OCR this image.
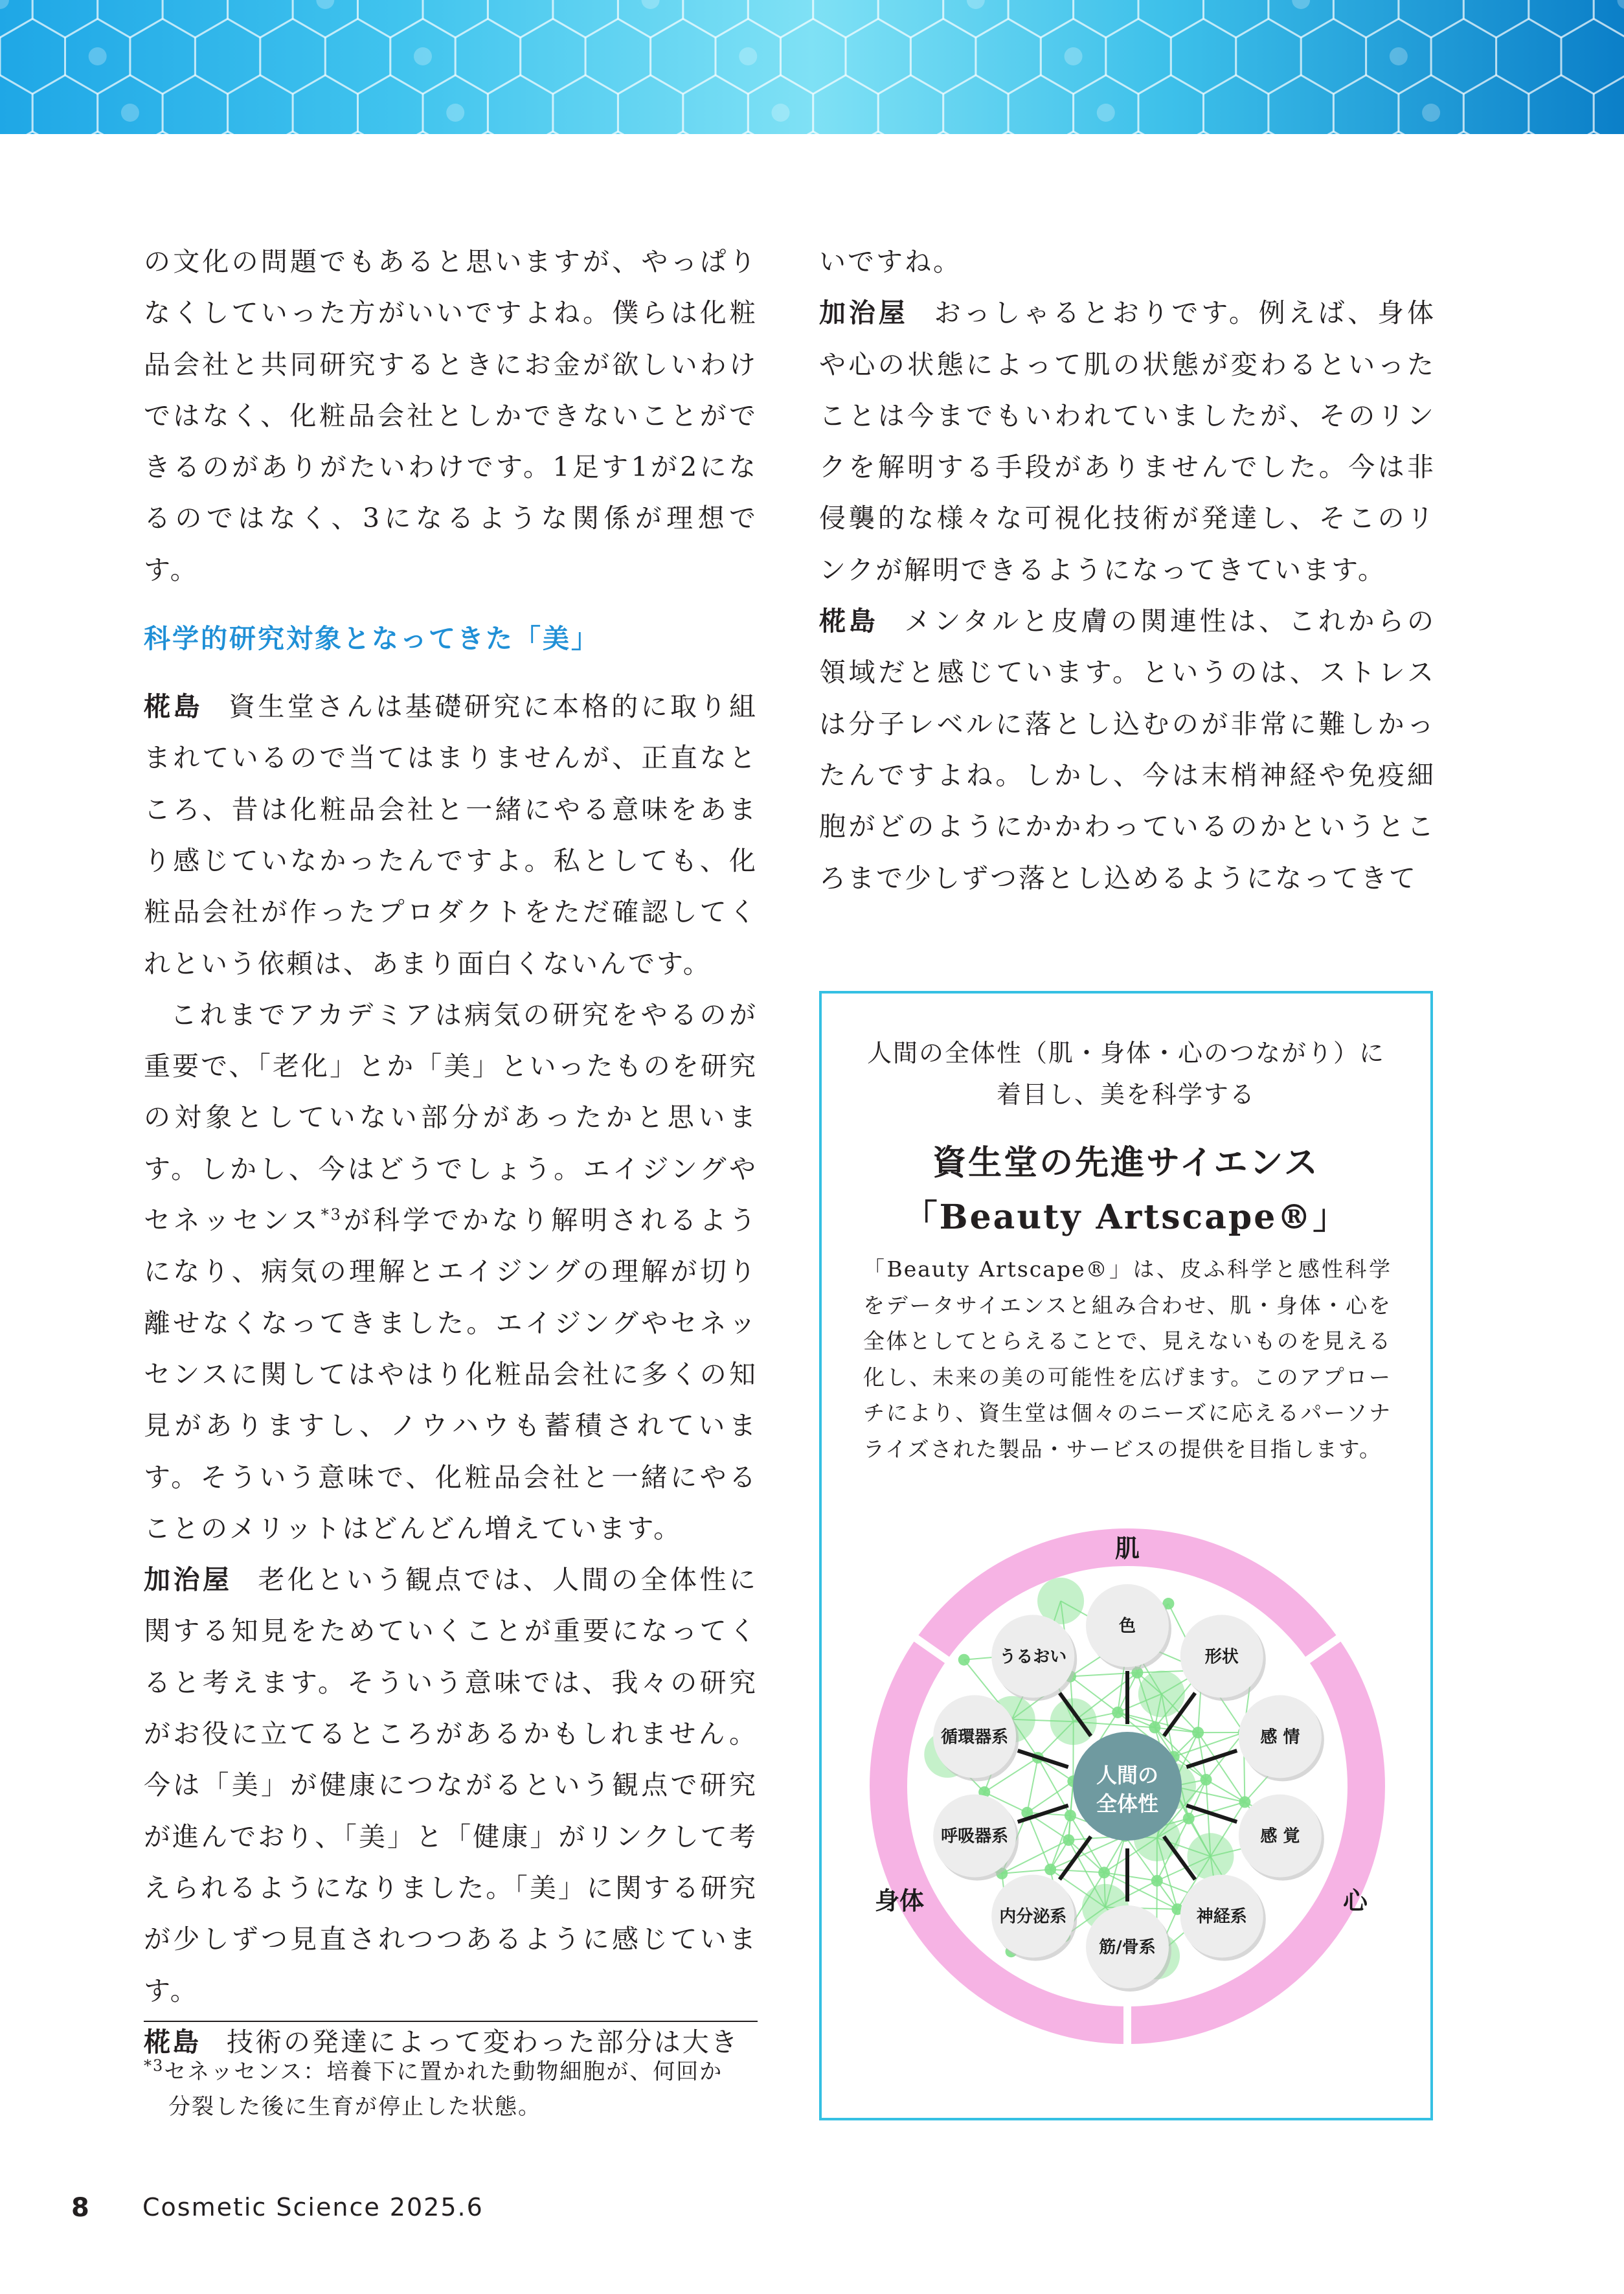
の文化の問題でもあると思いますが、やっぱりなくしていった方がいいですよね。僕らは化粧品会社と共同研究するときにお金が欲しいわけではなく、化粧品会社としかできないことができるのがありがたいわけです。1足す1が2になるのではなく、3になるような関係が理想です。

科学的研究対象となってきた「美」

椛島 資生堂さんは基礎研究に本格的に取り組まれているので当てはまりませんが、正直なところ、昔は化粧品会社と一緒にやる意味をあまり感じていなかったんですよ。私としても、化粧品会社が作ったプロダクトをただ確認してくれという依頼は、あまり面白くないんです。

これまでアカデミアは病気の研究をやるのが重要で、「老化」とか「美」といったものを研究の対象としていない部分があったかと思います。しかし、今はどうでしょう。エイジングやセネッセンス$^{*3}$が科学でかなり解明されるようになり、病気の理解とエイジングの理解が切り離せなくなってきました。エイジングやセネッセンスに関してはやはり化粧品会社に多くの知見がありますし、ノウハウも蓄積されています。そういう意味で、化粧品会社と一緒にやることのメリットはどんどん増えています。

加治屋 老化という観点では、人間の全体性に関する知見をためていくことが重要になってくると考えます。そういう意味では、我々の研究がお役に立てるところがあるかもしれません。今は「美」が健康につながるという観点で研究が進んでおり、「美」と「健康」がリンクして考えられるようになりました。「美」に関する研究が少しずつ見直されつつあるように感じています。

椛島 技術の発達によって変わった部分は大き

いですね。

加治屋 おっしゃるとおりです。例えば、身体や心の状態によって肌の状態が変わるといったことは今までもいわれていましたが、そのリンクを解明する手段がありませんでした。今は非侵襲的な様々な可視化技術が発達し、そこのリンクが解明できるようになってきています。

椛島 メンタルと皮膚の関連性は、これからの領域だと感じています。というのは、ストレスは分子レベルに落とし込むのが非常に難しかったんですよね。しかし、今は末梢神経や免疫細胞がどのようにかかわっているのかというところまで少しずつ落とし込めるようになってきて

$^{*3}$セネッセンス：培養下に置かれた動物細胞が、何回か
分裂した後に生育が停止した状態。
8 Cosmetic Science 2025.6
人間の全体性（肌・身体・心のつながり）に
着目し、美を科学する
資生堂の先進サイエンス
「Beauty Artscape®」
「Beauty Artscape®」は、皮ふ科学と感性科学をデータサイエンスと組み合わせ、肌・身体・心を全体としてとらえることで、見えないものを見える化し、未来の美の可能性を広げます。このアプローチにより、資生堂は個々のニーズに応えるパーソナライズされた製品・サービスの提供を目指します。
色
形状
感 情
感 覚
神経系
筋/骨系
内分泌系
呼吸器系
循環器系
うるおい
人間の
全体性
肌
身体	心
